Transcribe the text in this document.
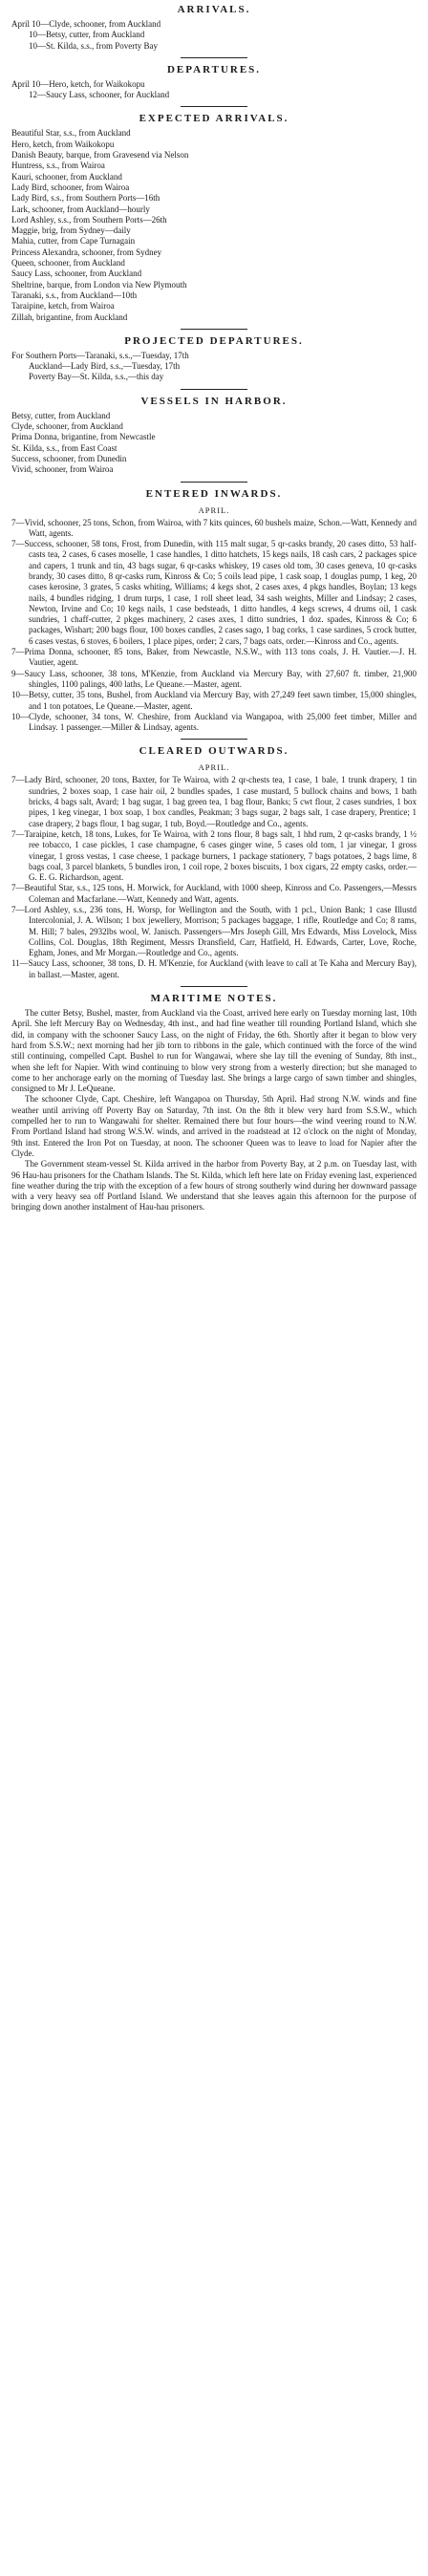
ARRIVALS.
April 10—Clyde, schooner, from Auckland
10—Betsy, cutter, from Auckland
10—St. Kilda, s.s., from Poverty Bay
DEPARTURES.
April 10—Hero, ketch, for Waikokopu
12—Saucy Lass, schooner, for Auckland
EXPECTED ARRIVALS.
Beautiful Star, s.s., from Auckland
Hero, ketch, from Waikokopu
Danish Beauty, barque, from Gravesend via Nelson
Huntress, s.s., from Wairoa
Kauri, schooner, from Auckland
Lady Bird, schooner, from Wairoa
Lady Bird, s.s., from Southern Ports—16th
Lark, schooner, from Auckland—hourly
Lord Ashley, s.s., from Southern Ports—26th
Maggie, brig, from Sydney—daily
Mahia, cutter, from Cape Turnagain
Princess Alexandra, schooner, from Sydney
Queen, schooner, from Auckland
Saucy Lass, schooner, from Auckland
Sheltrine, barque, from London via New Plymouth
Taranaki, s.s., from Auckland—10th
Taraipine, ketch, from Wairoa
Zillah, brigantine, from Auckland
PROJECTED DEPARTURES.
For Southern Ports—Taranaki, s.s.,—Tuesday, 17th
Auckland—Lady Bird, s.s.,—Tuesday, 17th
Poverty Bay—St. Kilda, s.s.,—this day
VESSELS IN HARBOR.
Betsy, cutter, from Auckland
Clyde, schooner, from Auckland
Prima Donna, brigantine, from Newcastle
St. Kilda, s.s., from East Coast
Success, schooner, from Dunedin
Vivid, schooner, from Wairoa
ENTERED INWARDS.
APRIL.

7—Vivid, schooner, 25 tons, Schon, from Wairoa, with 7 kits quinces, 60 bushels maize, Schon.—Watt, Kennedy and Watt, agents.

7—Success, schooner, 58 tons, Frost, from Dunedin, with 115 malt sugar, 5 qr-casks brandy, 20 cases ditto, 53 half-casts tea, 2 cases, 6 cases moselle, 1 case handles, 1 ditto hatchets, 15 kegs nails, 18 cash cars, 2 packages spice and capers, 1 trunk and tin, 43 bags sugar, 6 qr-casks whiskey, 19 cases old tom, 30 cases geneva, 10 qr-casks brandy, 30 cases ditto, 8 qr-casks rum, Kinross & Co; 5 coils lead pipe, 1 cask soap, 1 douglas pump, 1 keg, 20 cases kerosine, 3 grates, 5 casks whiting, Williams; 4 kegs shot, 2 cases axes, 4 pkgs handles, Boylan; 13 kegs nails, 4 bundles ridging, 1 drum turps, 1 case, 1 roll sheet lead, 34 sash weights, Miller and Lindsay; 2 cases, Newton, Irvine and Co; 10 kegs nails, 1 case bedsteads, 1 ditto handles, 4 kegs screws, 4 drums oil, 1 cask sundries, 1 chaff-cutter, 2 pkges machinery, 2 cases axes, 1 ditto sundries, 1 doz. spades, Kinross & Co; 6 packages, Wishart; 200 bags flour, 100 boxes candles, 2 cases sago, 1 bag corks, 1 case sardines, 5 crock butter, 6 cases vestas, 6 stoves, 6 boilers, 1 place pipes, order; 2 cars, 7 bags oats, order.—Kinross and Co., agents.

7—Prima Donna, schooner, 85 tons, Baker, from Newcastle, N.S.W., with 113 tons coals, J. H. Vautier.—J. H. Vautier, agent.

9—Saucy Lass, schooner, 38 tons, M'Kenzie, from Auckland via Mercury Bay, with 27,607 ft. timber, 21,900 shingles, 1100 palings, 400 laths, Le Queane.—Master, agent.

10—Betsy, cutter, 35 tons, Bushel, from Auckland via Mercury Bay, with 27,249 feet sawn timber, 15,000 shingles, and 1 ton potatoes, Le Queane.—Master, agent.

10—Clyde, schooner, 34 tons, W. Cheshire, from Auckland via Wangapoa, with 25,000 feet timber, Miller and Lindsay. 1 passenger.—Miller & Lindsay, agents.

CLEARED OUTWARDS.
APRIL.

7—Lady Bird, schooner, 20 tons, Baxter, for Te Wairoa, with 2 qr-chests tea, 1 case, 1 bale, 1 trunk drapery, 1 tin sundries, 2 boxes soap, 1 case hair oil, 2 bundles spades, 1 case mustard, 5 bullock chains and bows, 1 bath bricks, 4 bags salt, Avard; 1 bag sugar, 1 bag green tea, 1 bag flour, Banks; 5 cwt flour, 2 cases sundries, 1 box pipes, 1 keg vinegar, 1 box soap, 1 box candles, Peakman; 3 bags sugar, 2 bags salt, 1 case drapery, Prentice; 1 case drapery, 2 bags flour, 1 bag sugar, 1 tub, Boyd.—Routledge and Co., agents.

7—Taraipine, ketch, 18 tons, Lukes, for Te Wairoa, with 2 tons flour, 8 bags salt, 1 hhd rum, 2 qr-casks brandy, 1 ½ ree tobacco, 1 case pickles, 1 case champagne, 6 cases ginger wine, 5 cases old tom, 1 jar vinegar, 1 gross vinegar, 1 gross vestas, 1 case cheese, 1 package burners, 1 package stationery, 7 bags potatoes, 2 bags lime, 8 bags coal, 3 parcel blankets, 5 bundles iron, 1 coil rope, 2 boxes biscuits, 1 box cigars, 22 empty casks, order.—G. E. G. Richardson, agent.

7—Beautiful Star, s.s., 125 tons, H. Morwick, for Auckland, with 1000 sheep, Kinross and Co. Passengers,—Messrs Coleman and Macfarlane.—Watt, Kennedy and Watt, agents.

7—Lord Ashley, s.s., 236 tons, H. Worsp, for Wellington and the South, with 1 pcl., Union Bank; 1 case Illustd Intercolonial, J. A. Wilson; 1 box jewellery, Morrison; 5 packages baggage, 1 rifle, Routledge and Co; 8 rams, M. Hill; 7 bales, 2932lbs wool, W. Janisch. Passengers—Mrs Joseph Gill, Mrs Edwards, Miss Lovelock, Miss Collins, Col. Douglas, 18th Regiment, Messrs Dransfield, Carr, Hatfield, H. Edwards, Carter, Love, Roche, Egham, Jones, and Mr Morgan.—Routledge and Co., agents.

11—Saucy Lass, schooner, 38 tons, D. H. M'Kenzie, for Auckland (with leave to call at Te Kaha and Mercury Bay), in ballast.—Master, agent.

MARITIME NOTES.

The cutter Betsy, Bushel, master, from Auckland via the Coast, arrived here early on Tuesday morning last, 10th April. She left Mercury Bay on Wednesday, 4th inst., and had fine weather till rounding Portland Island, which she did, in company with the schooner Saucy Lass, on the night of Friday, the 6th. Shortly after it began to blow very hard from S.S.W.; next morning had her jib torn to ribbons in the gale, which continued with the force of the wind still continuing, compelled Capt. Bushel to run for Wangawai, where she lay till the evening of Sunday, 8th inst., when she left for Napier. With wind continuing to blow very strong from a westerly direction; but she managed to come to her anchorage early on the morning of Tuesday last. She brings a large cargo of sawn timber and shingles, consigned to Mr J. LeQueane.

The schooner Clyde, Capt. Cheshire, left Wangapoa on Thursday, 5th April. Had strong N.W. winds and fine weather until arriving off Poverty Bay on Saturday, 7th inst. On the 8th it blew very hard from S.S.W., which compelled her to run to Wangawahi for shelter. Remained there but four hours—the wind veering round to N.W. From Portland Island had strong W.S.W. winds, and arrived in the roadstead at 12 o'clock on the night of Monday, 9th inst. Entered the Iron Pot on Tuesday, at noon. The schooner Queen was to leave to load for Napier after the Clyde.

The Government steam-vessel St. Kilda arrived in the harbor from Poverty Bay, at 2 p.m. on Tuesday last, with 96 Hau-hau prisoners for the Chatham Islands. The St. Kilda, which left here late on Friday evening last, experienced fine weather during the trip with the exception of a few hours of strong southerly wind during her downward passage with a very heavy sea off Portland Island. We understand that she leaves again this afternoon for the purpose of bringing down another instalment of Hau-hau prisoners.
